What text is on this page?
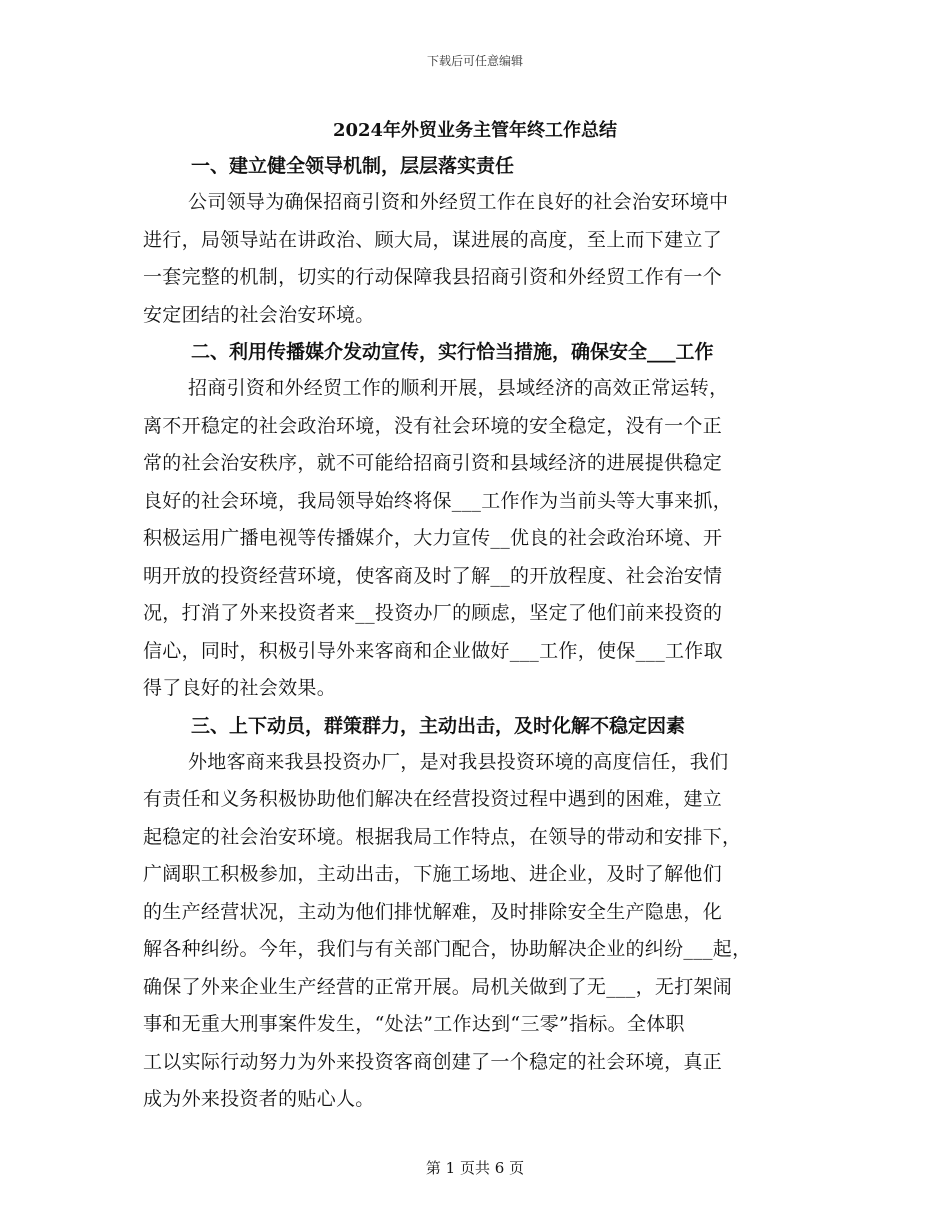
下载后可任意编辑
2024年外贸业务主管年终工作总结

一、建立健全领导机制，层层落实责任

公司领导为确保招商引资和外经贸工作在良好的社会治安环境中
进行，局领导站在讲政治、顾大局，谋进展的高度，至上而下建立了
一套完整的机制，切实的行动保障我县招商引资和外经贸工作有一个
安定团结的社会治安环境。

二、利用传播媒介发动宣传，实行恰当措施，确保安全___工作

招商引资和外经贸工作的顺利开展，县域经济的高效正常运转，
离不开稳定的社会政治环境，没有社会环境的安全稳定，没有一个正
常的社会治安秩序，就不可能给招商引资和县域经济的进展提供稳定
良好的社会环境，我局领导始终将保___工作作为当前头等大事来抓，
积极运用广播电视等传播媒介，大力宣传__优良的社会政治环境、开
明开放的投资经营环境，使客商及时了解__的开放程度、社会治安情
况，打消了外来投资者来__投资办厂的顾虑，坚定了他们前来投资的
信心，同时，积极引导外来客商和企业做好___工作，使保___工作取
得了良好的社会效果。

三、上下动员，群策群力，主动出击，及时化解不稳定因素

外地客商来我县投资办厂，是对我县投资环境的高度信任，我们
有责任和义务积极协助他们解决在经营投资过程中遇到的困难，建立
起稳定的社会治安环境。根据我局工作特点，在领导的带动和安排下，
广阔职工积极参加，主动出击，下施工场地、进企业，及时了解他们
的生产经营状况，主动为他们排忧解难，及时排除安全生产隐患，化
解各种纠纷。今年，我们与有关部门配合，协助解决企业的纠纷___起，
确保了外来企业生产经营的正常开展。局机关做到了无___，无打架闹
事和无重大刑事案件发生，“处法”工作达到“三零”指标。全体职
工以实际行动努力为外来投资客商创建了一个稳定的社会环境，真正
成为外来投资者的贴心人。

第 1 页共 6 页
